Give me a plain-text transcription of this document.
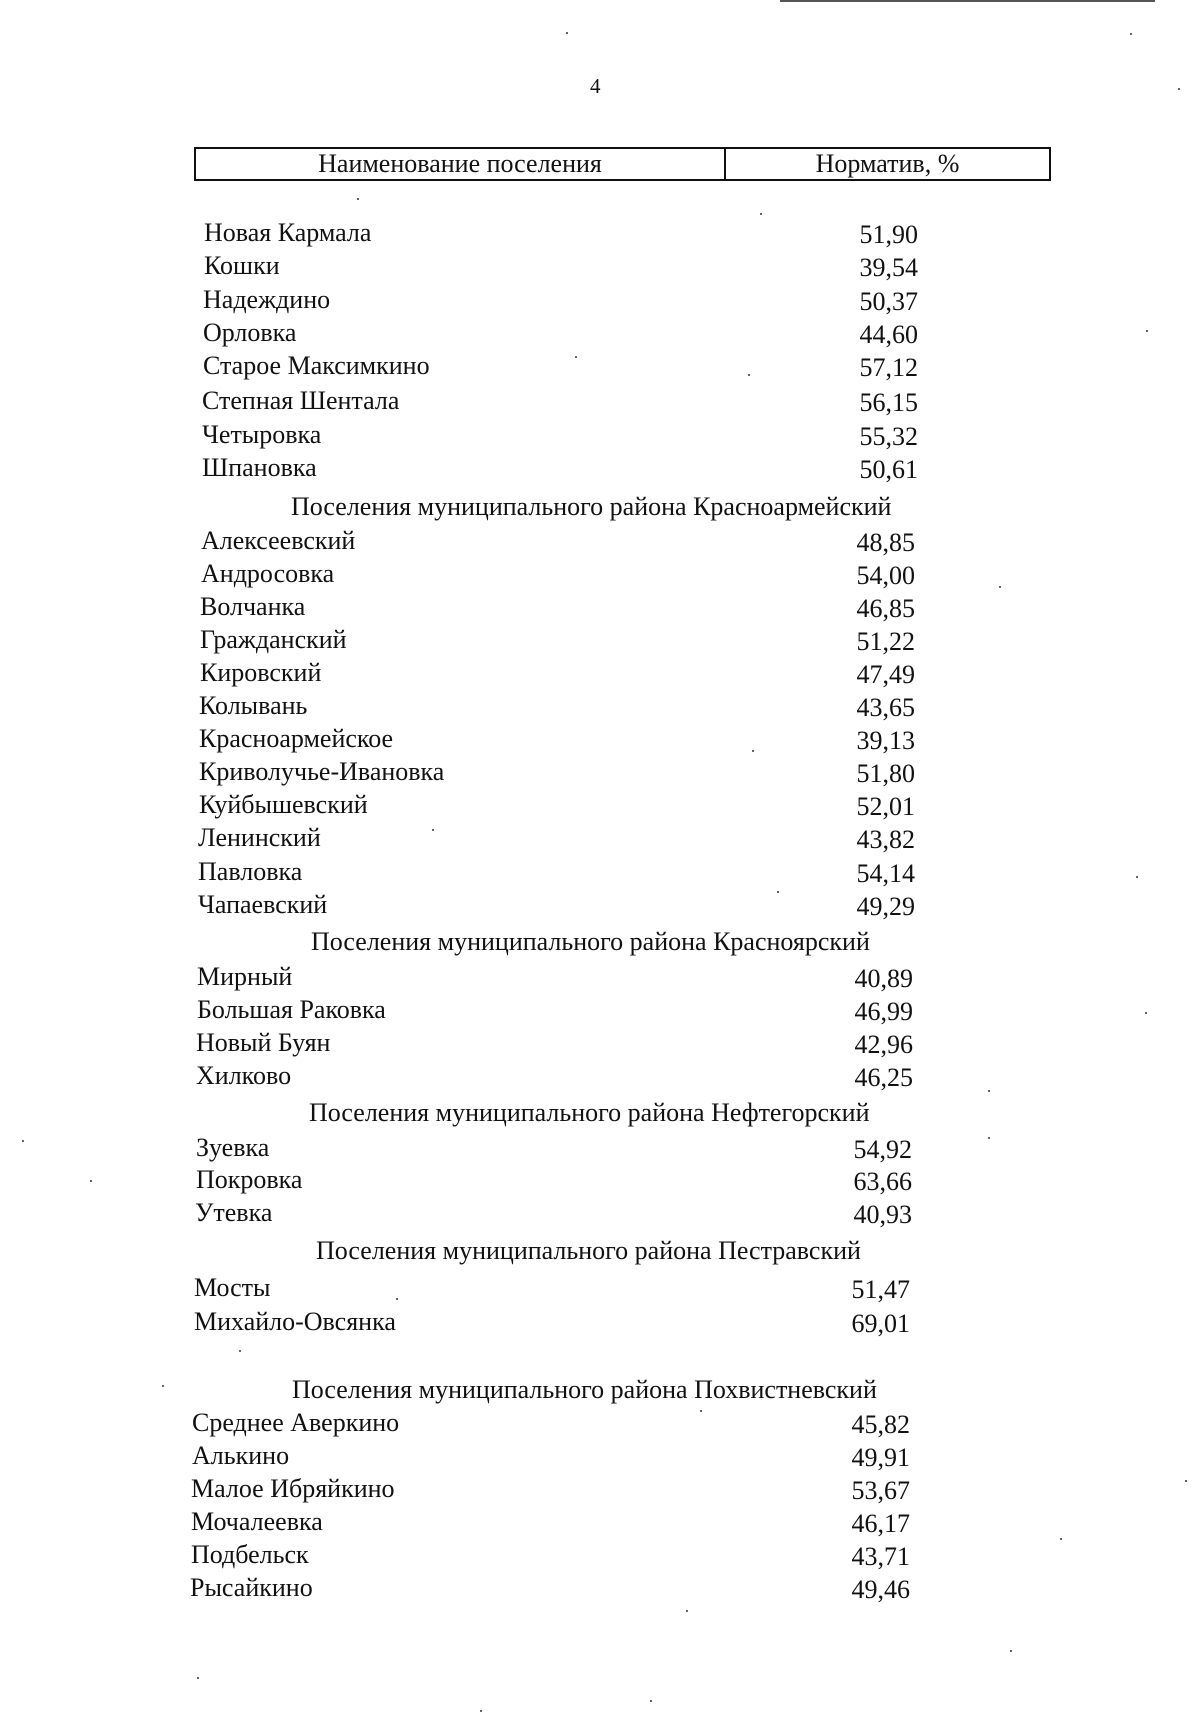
4
Наименование поселения	Норматив, %
Новая Кармала	51,90
Кошки	39,54
Надеждино	50,37
Орловка	44,60
Старое Максимкино	57,12
Степная Шентала	56,15
Четыровка	55,32
Шпановка	50,61
Поселения муниципального района Красноармейский
Алексеевский	48,85
Андросовка	54,00
Волчанка	46,85
Гражданский	51,22
Кировский	47,49
Колывань	43,65
Красноармейское	39,13
Криволучье-Ивановка	51,80
Куйбышевский	52,01
Ленинский	43,82
Павловка	54,14
Чапаевский	49,29
Поселения муниципального района Красноярский
Мирный	40,89
Большая Раковка	46,99
Новый Буян	42,96
Хилково	46,25
Поселения муниципального района Нефтегорский
Зуевка	54,92
Покровка	63,66
Утевка	40,93
Поселения муниципального района Пестравский
Мосты	51,47
Михайло-Овсянка	69,01
Поселения муниципального района Похвистневский
Среднее Аверкино	45,82
Алькино	49,91
Малое Ибряйкино	53,67
Мочалеевка	46,17
Подбельск	43,71
Рысайкино	49,46
